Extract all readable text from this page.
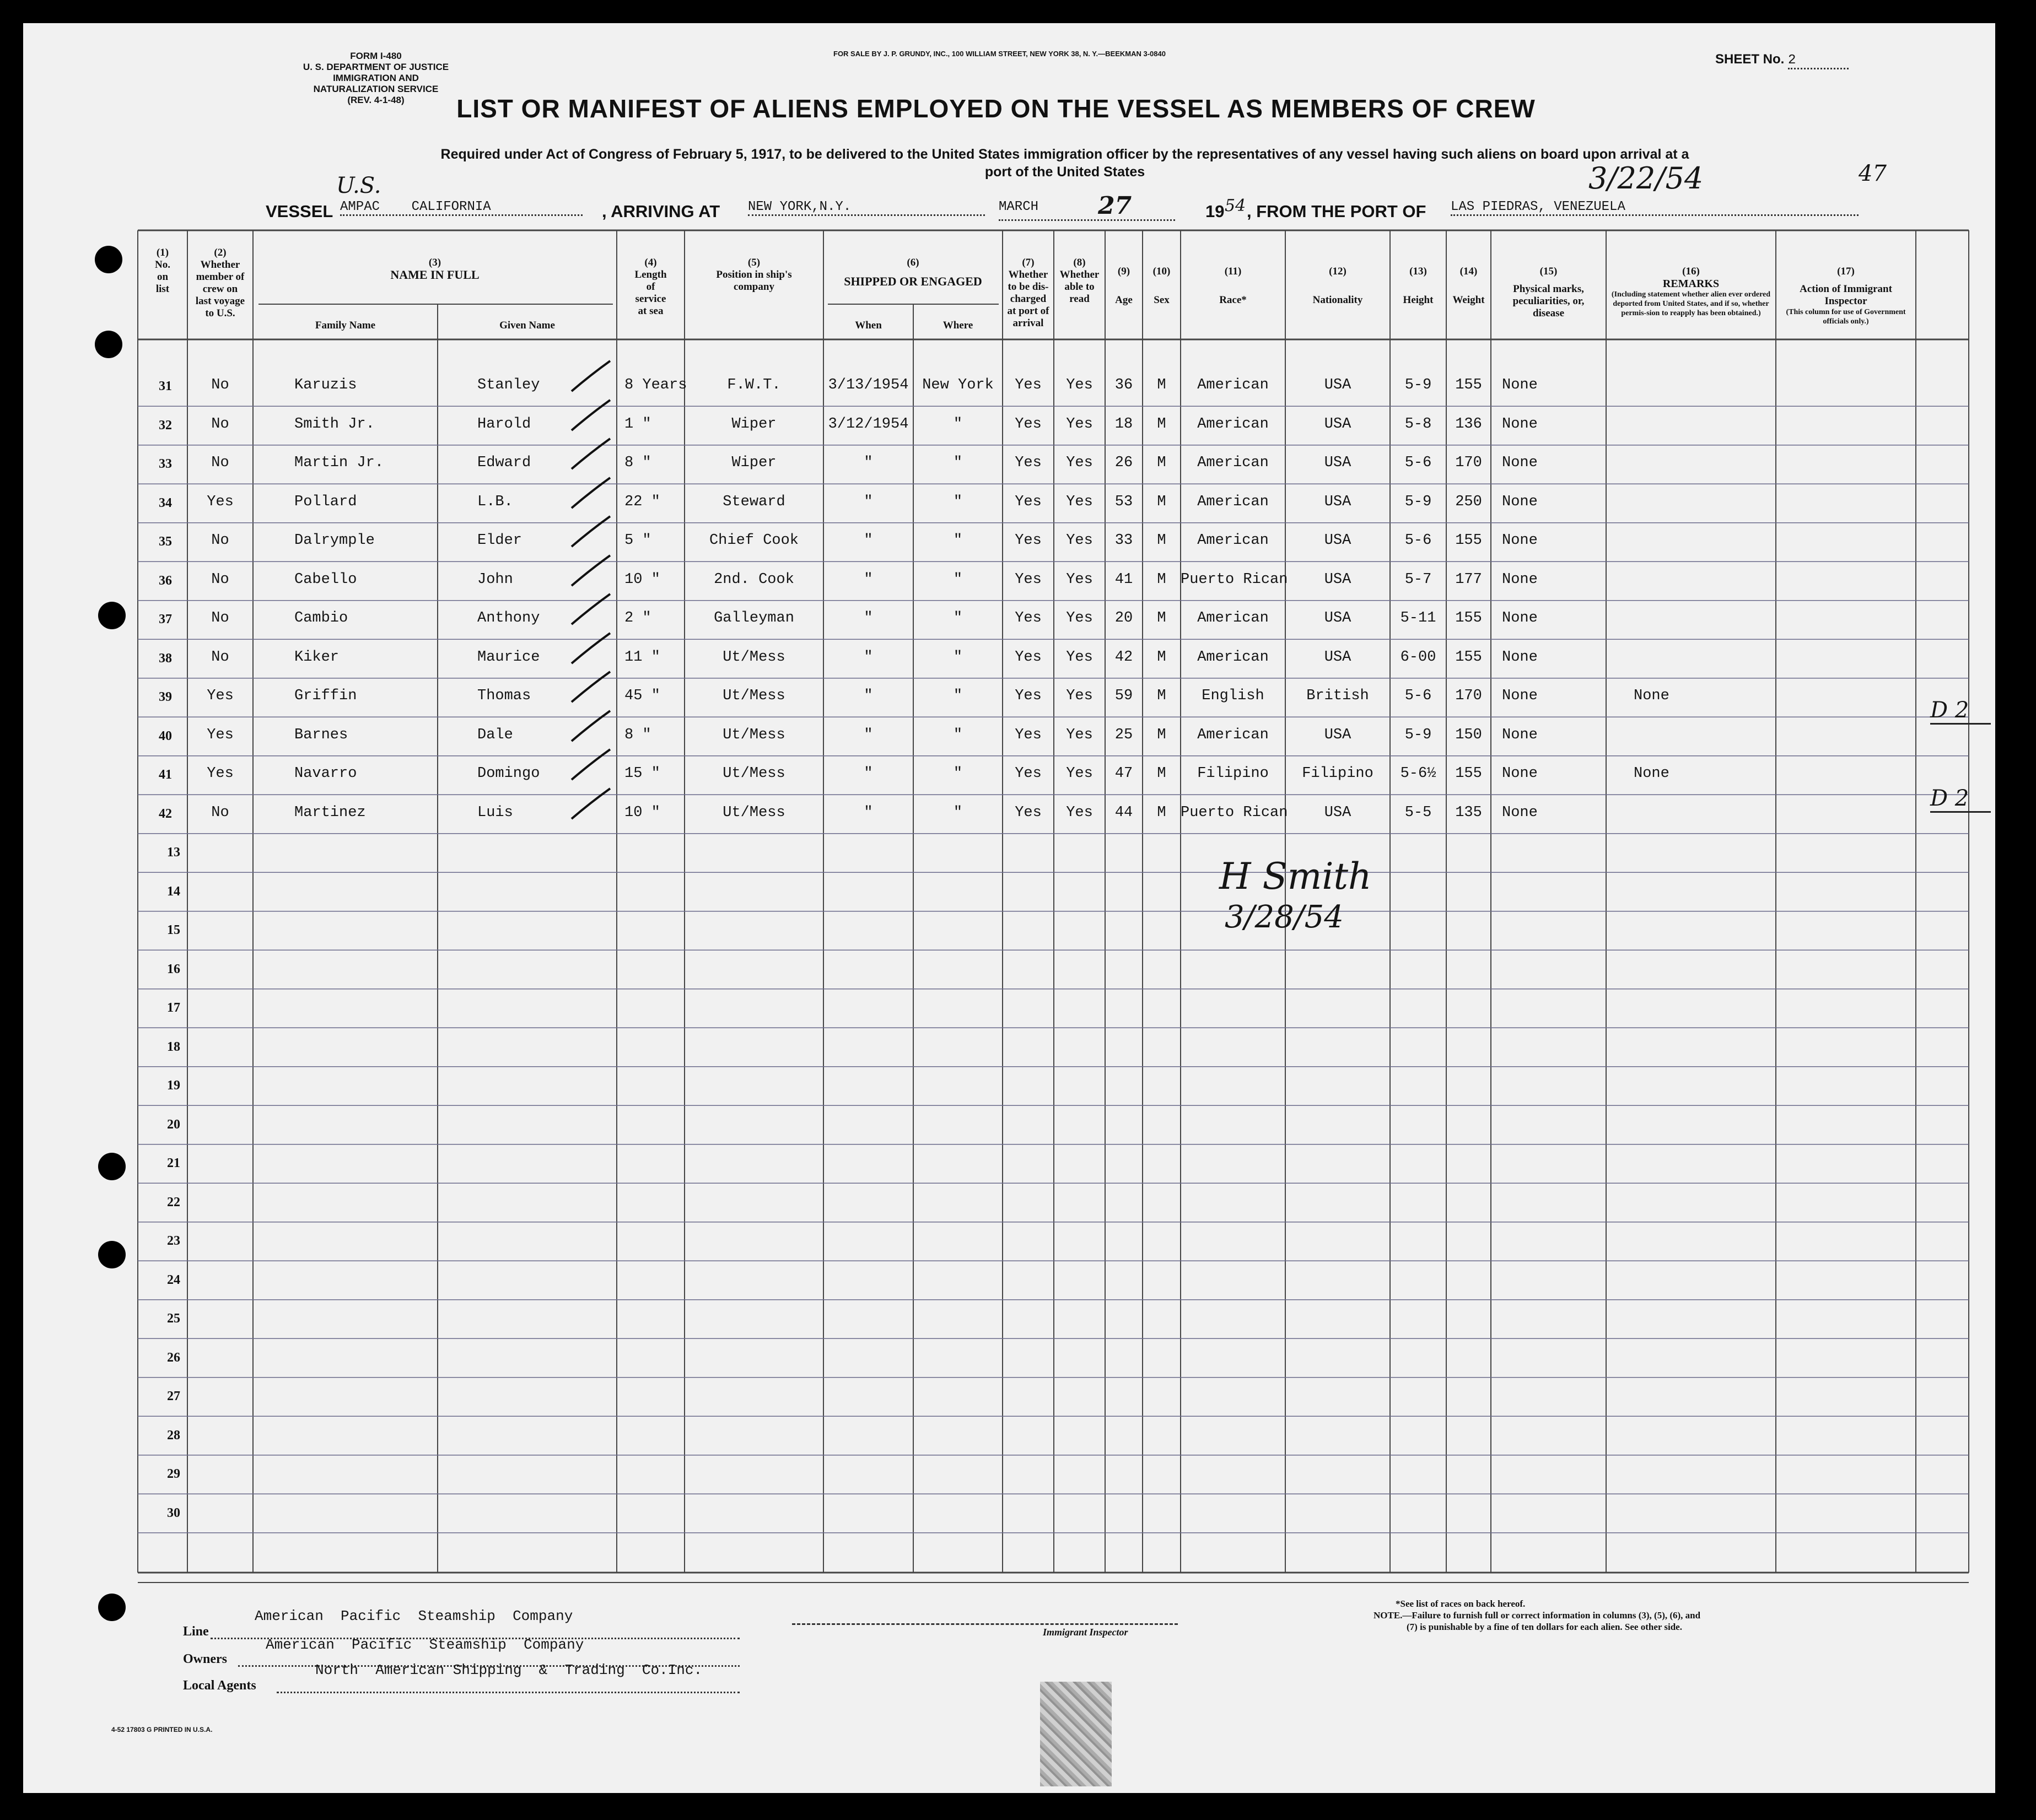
FORM I-480
U. S. DEPARTMENT OF JUSTICE
IMMIGRATION AND NATURALIZATION SERVICE
(REV. 4-1-48)
FOR SALE BY J. P. GRUNDY, INC., 100 WILLIAM STREET, NEW YORK 38, N. Y.—BEEKMAN 3-0840	SHEET No. 2
LIST OR MANIFEST OF ALIENS EMPLOYED ON THE VESSEL AS MEMBERS OF CREW
Required under Act of Congress of February 5, 1917, to be delivered to the United States immigration officer by the representatives of any vessel having such aliens on board upon arrival at a
port of the United States
U.S.	3/22/54	47
VESSEL AMPAC    CALIFORNIA	, ARRIVING AT NEW YORK,N.Y.	MARCH 27	19 54 , FROM THE PORT OF LAS PIEDRAS, VENEZUELA
(1)
No. on list
(2)
Whether member of crew on last voyage to U.S.
(3)
NAME IN FULL
Family Name	Given Name
(4)
Length of service at sea
(5)
Position in ship's company
(6)
SHIPPED OR ENGAGED
When	Where
(7)
Whether to be dis-charged at port of arrival
(8)
Whether able to read
(9)
Age
(10)
Sex
(11)
Race*
(12)
Nationality
(13)
Height
(14)
Weight
(15)
Physical marks, peculiarities, or, disease
(16)
REMARKS
(Including statement whether alien ever ordered deported from United States, and if so, whether permis-sion to reapply has been obtained.)
(17)
Action of Immigrant Inspector
(This column for use of Government officials only.)
31	No	Karuzis	Stanley	8 Years	F.W.T.	3/13/1954 New York	Yes	Yes	36	M	American	USA	5-9	155	None
32	No	Smith Jr.	Harold	1 "	Wiper	3/12/1954	"	Yes	Yes	18	M	American	USA	5-8	136	None
33	No	Martin Jr.	Edward	8 "	Wiper	"	"	Yes	Yes	26	M	American	USA	5-6	170	None
34	Yes	Pollard	L.B.	22 "	Steward	"	"	Yes	Yes	53	M	American	USA	5-9	250	None
35	No	Dalrymple	Elder	5 "	Chief Cook	"	"	Yes	Yes	33	M	American	USA	5-6	155	None
36	No	Cabello	John	10 "	2nd. Cook	"	"	Yes	Yes	41	M Puerto Rican	USA	5-7	177	None
37	No	Cambio	Anthony	2 "	Galleyman	"	"	Yes	Yes	20	M	American	USA	5-11	155	None
38	No	Kiker	Maurice	11 "	Ut/Mess	"	"	Yes	Yes	42	M	American	USA	6-00	155	None
39	Yes	Griffin	Thomas	45 "	Ut/Mess	"	"	Yes	Yes	59	M	English	British	5-6	170	None	None
40	Yes	Barnes	Dale	8 "	Ut/Mess	"	"	Yes	Yes	25	M	American	USA	5-9	150	None
41	Yes	Navarro	Domingo	15 "	Ut/Mess	"	"	Yes	Yes	47	M	Filipino	Filipino	5-6½	155	None	None
42	No	Martinez	Luis	10 "	Ut/Mess	"	"	Yes	Yes	44	M Puerto Rican	USA	5-5	135	None
13
14
15
16
17
18
19
20
21
22
23
24
25
26
27
28
29
30
H Smith
3/28/54
D 2
D 2
Line
American  Pacific  Steamship  Company
Owners
American  Pacific  Steamship  Company
Local Agents
North  American Shipping  &  Trading  Co.Inc.
Immigrant Inspector
*See list of races on back hereof.
NOTE.—Failure to furnish full or correct information in columns (3), (5), (6), and
(7) is punishable by a fine of ten dollars for each alien. See other side.
4-52 17803 G PRINTED IN U.S.A.
